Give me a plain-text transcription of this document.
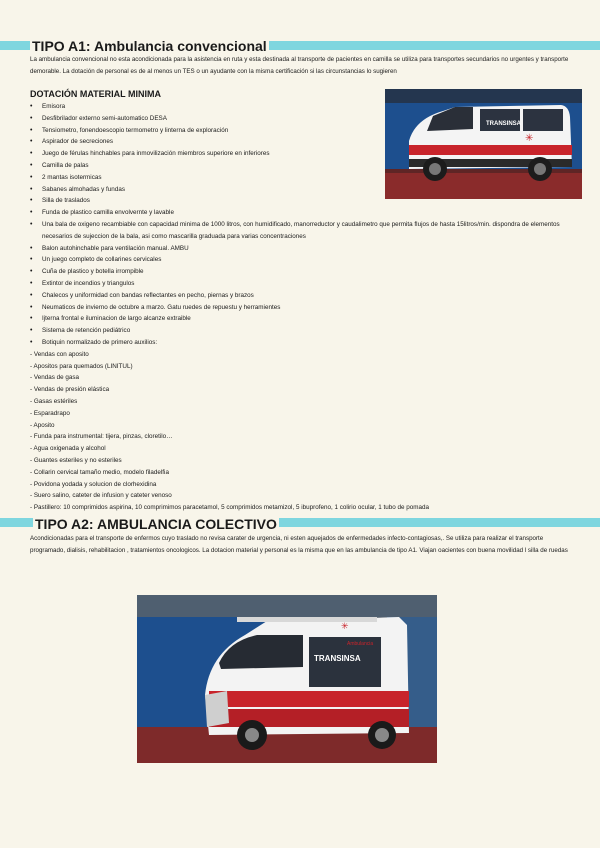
TIPO A1: Ambulancia convencional
La ambulancia convencional no esta acondicionada para la asistencia en ruta y esta destinada al transporte de pacientes en camilla se utiliza para transportes secundarios no urgentes y transporte demorable. La dotación de personal es de al menos un TES o un ayudante con la misma certificación si las circunstancias lo sugieren
DOTACIÓN MATERIAL MINIMA
• Emisora
• Desfibrilador externo semi-automatico DESA
• Tensiometro, fonendoescopio termometro y linterna de exploración
• Aspirador de secreciones
• Juego de férulas hinchables para inmovilización miembros superiore en inferiores
• Camilla de palas
• 2 mantas isotermicas
• Sabanes almohadas y fundas
• Silla de traslados
• Funda de plastico camilla envolvernte y lavable
• Una bala de oxigeno recambiable con capacidad minima de 1000 litros, con humidificado, manorreductor y caudalimetro que permita flujos de hasta 15litros/min. dispondra de elementos necesarios de sujeccion de la bala, asi como mascarilla graduada para varias concentraciones
• Balon autohinchable para ventilación manual. AMBU
• Un juego completo de collarines cervicales
• Cuña de plastico y botella irrompible
• Extintor de incendios y triangulos
• Chalecos y uniformidad con bandas reflectantes en pecho, piernas y brazos
• Neumaticos de invierno de octubre a marzo. Gatu ruedes de repuestu y herramientes
• Ijterna frontal e iluminacion de largo alcanze extraible
• Sistema de retención pediátrico
• Botiquin normalizado de primero auxilios:
- Vendas con aposito
- Apositos para quemados (LINITUL)
- Vendas de gasa
- Vendas de presión elástica
- Gasas estériles
- Esparadrapo
- Aposito
- Funda para instrumental: tijera, pinzas, cloretilo…
- Agua oxigenada y alcohol
- Guantes esteriles y no esteriles
- Collarin cervical tamaño medio, modelo filadelfia
- Povidona yodada y solucion de clorhexidina
- Suero salino, cateter de infusion y cateter venoso
- Pastillero: 10 comprimidos aspirina, 10 comprimimos paracetamol, 5 comprimidos metamizol, 5 ibuprofeno, 1 colirio ocular, 1 tubo de pomada
TRANSINSA
✳
TIPO A2: AMBULANCIA COLECTIVO
Acondicionadas para el transporte de enfermos cuyo traslado no revisa carater de urgencia, ni esten aquejados de enfermedades infecto-contagiosas,. Se utiliza para realizar el transporte programado, dialisis, rehabilitacion , tratamientos oncologicos. La dotacion material y personal es la misma que en las ambulancia de tipo A1. Viajan oacientes con buena movilidad l silla de ruedas
TRANSINSA
Ambulancia
✳
